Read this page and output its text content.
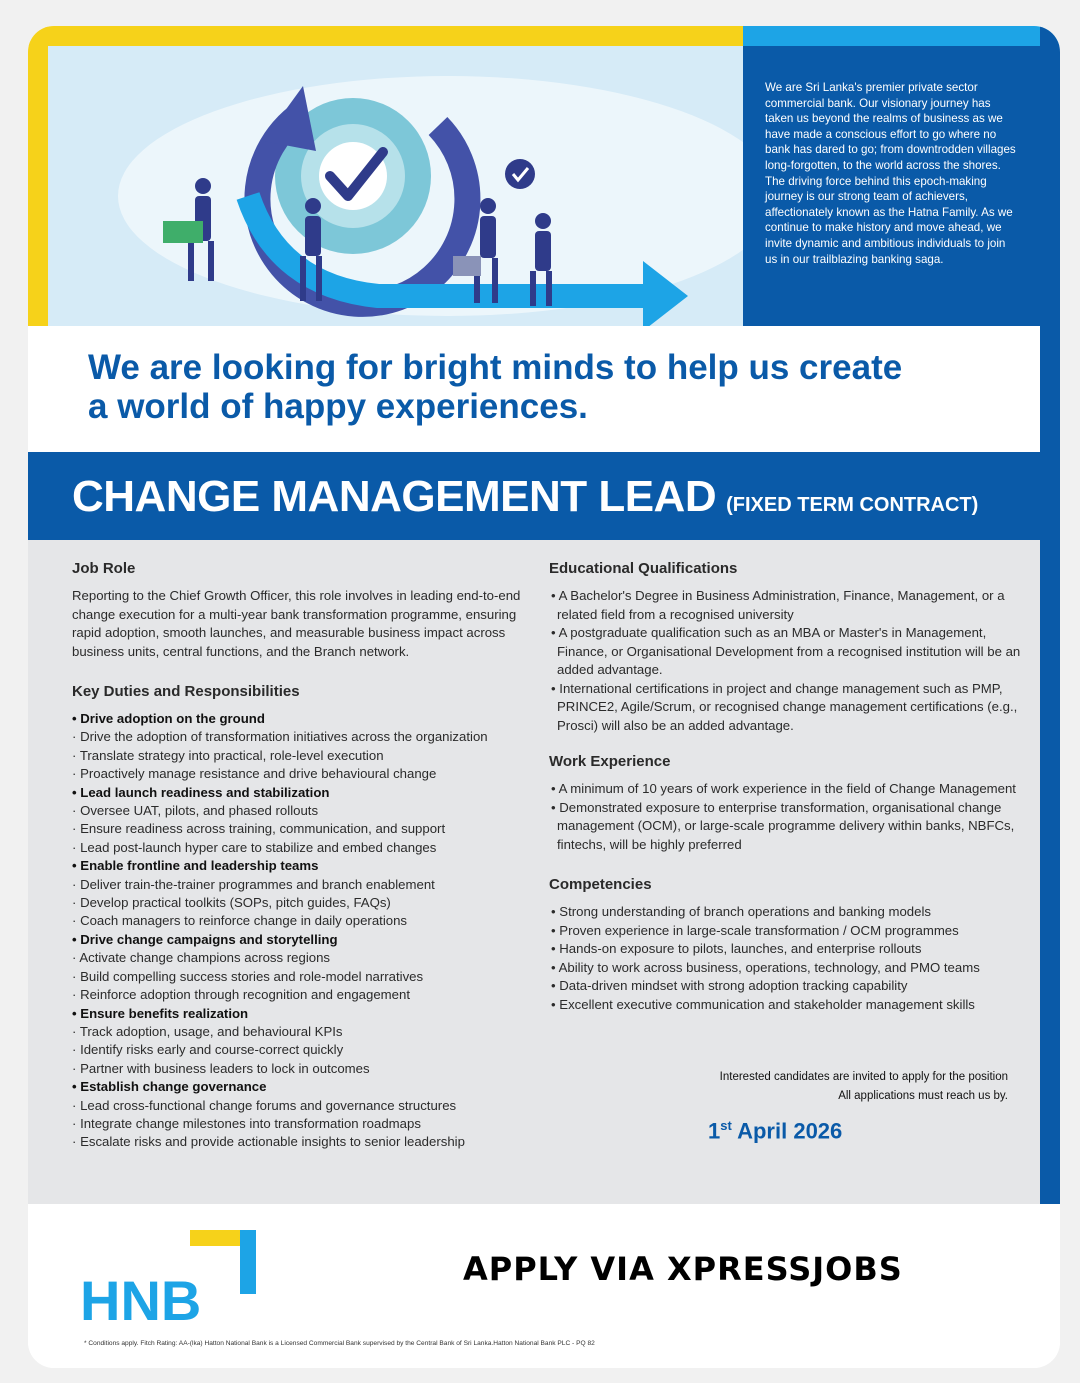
We are Sri Lanka's premier private sector commercial bank. Our visionary journey has taken us beyond the realms of business as we have made a conscious effort to go where no bank has dared to go; from downtrodden villages long-forgotten, to the world across the shores. The driving force behind this epoch-making journey is our strong team of achievers, affectionately known as the Hatna Family. As we continue to make history and move ahead, we invite dynamic and ambitious individuals to join us in our trailblazing banking saga.
We are looking for bright minds to help us create
a world of happy experiences.
CHANGE MANAGEMENT LEAD (FIXED TERM CONTRACT)
Job Role

Reporting to the Chief Growth Officer, this role involves in leading end-to-end change execution for a multi-year bank transformation programme, ensuring rapid adoption, smooth launches, and measurable business impact across business units, central functions, and the Branch network.

Key Duties and Responsibilities
• Drive adoption on the ground
· Drive the adoption of transformation initiatives across the organization
· Translate strategy into practical, role-level execution
· Proactively manage resistance and drive behavioural change
• Lead launch readiness and stabilization
· Oversee UAT, pilots, and phased rollouts
· Ensure readiness across training, communication, and support
· Lead post-launch hyper care to stabilize and embed changes
• Enable frontline and leadership teams
· Deliver train-the-trainer programmes and branch enablement
· Develop practical toolkits (SOPs, pitch guides, FAQs)
· Coach managers to reinforce change in daily operations
• Drive change campaigns and storytelling
· Activate change champions across regions
· Build compelling success stories and role-model narratives
· Reinforce adoption through recognition and engagement
• Ensure benefits realization
· Track adoption, usage, and behavioural KPIs
· Identify risks early and course-correct quickly
· Partner with business leaders to lock in outcomes
• Establish change governance
· Lead cross-functional change forums and governance structures
· Integrate change milestones into transformation roadmaps
· Escalate risks and provide actionable insights to senior leadership
Educational Qualifications
• A Bachelor's Degree in Business Administration, Finance, Management, or a related field from a recognised university
• A postgraduate qualification such as an MBA or Master's in Management, Finance, or Organisational Development from a recognised institution will be an added advantage.
• International certifications in project and change management such as PMP, PRINCE2, Agile/Scrum, or recognised change management certifications (e.g., Prosci) will also be an added advantage.
Work Experience
• A minimum of 10 years of work experience in the field of Change Management
• Demonstrated exposure to enterprise transformation, organisational change management (OCM), or large-scale programme delivery within banks, NBFCs, fintechs, will be highly preferred
Competencies
• Strong understanding of branch operations and banking models
• Proven experience in large-scale transformation / OCM programmes
• Hands-on exposure to pilots, launches, and enterprise rollouts
• Ability to work across business, operations, technology, and PMO teams
• Data-driven mindset with strong adoption tracking capability
• Excellent executive communication and stakeholder management skills
Interested candidates are invited to apply for the position
All applications must reach us by.
1st April 2026
HNB	APPLY VIA XPRESSJOBS
* Conditions apply. Fitch Rating: AA-(lka) Hatton National Bank is a Licensed Commercial Bank supervised by the Central Bank of Sri Lanka.Hatton National Bank PLC - PQ 82
